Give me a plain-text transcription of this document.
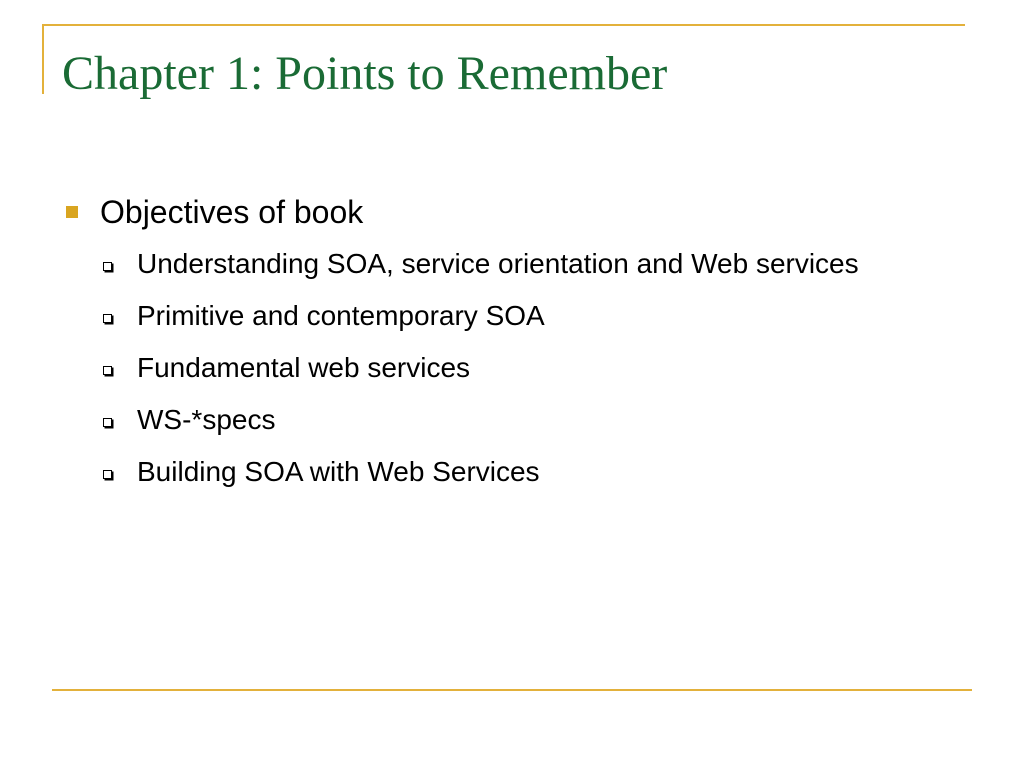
Chapter 1: Points to Remember
Objectives of book
Understanding SOA, service orientation and Web services
Primitive and contemporary SOA
Fundamental web services
WS-*specs
Building SOA with Web Services
